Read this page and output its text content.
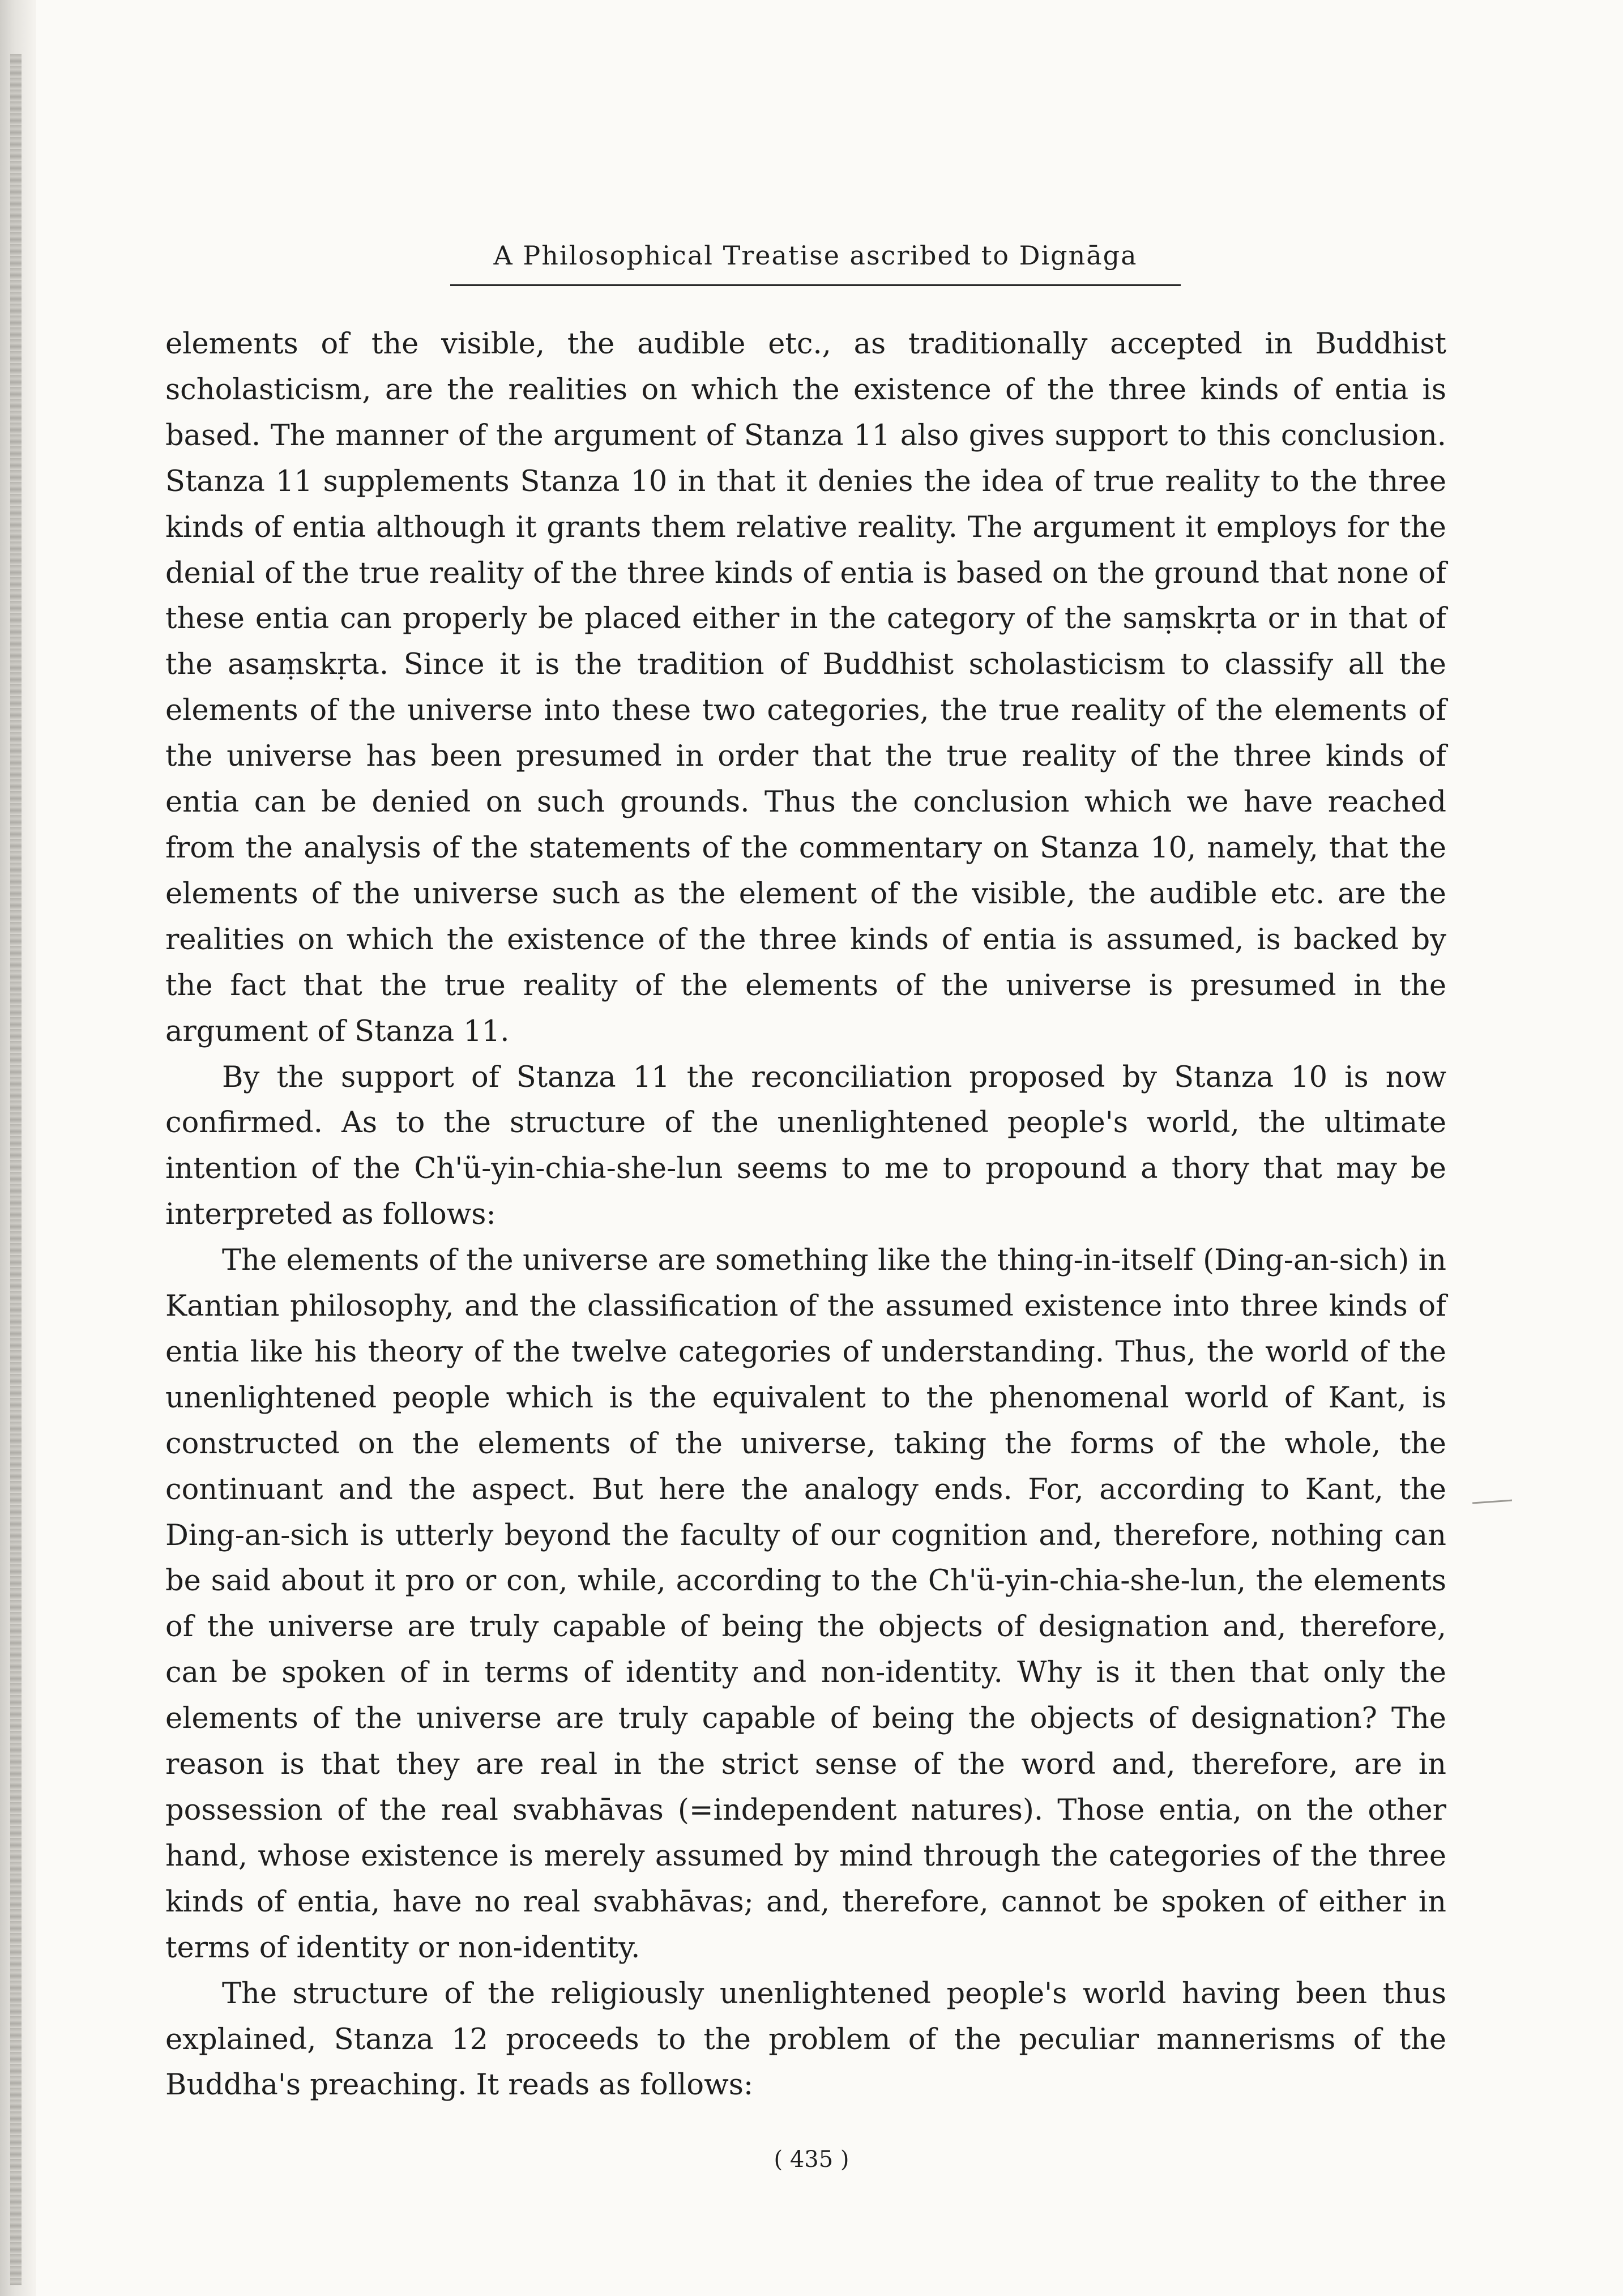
A Philosophical Treatise ascribed to Dignāga

elements of the visible, the audible etc., as traditionally accepted in Buddhist scholasticism, are the realities on which the existence of the three kinds of entia is based. The manner of the argument of Stanza 11 also gives support to this conclusion. Stanza 11 supplements Stanza 10 in that it denies the idea of true reality to the three kinds of entia although it grants them relative reality. The argument it employs for the denial of the true reality of the three kinds of entia is based on the ground that none of these entia can properly be placed either in the category of the saṃskṛta or in that of the asaṃskṛta. Since it is the tradition of Buddhist scholasticism to classify all the elements of the universe into these two categories, the true reality of the elements of the universe has been presumed in order that the true reality of the three kinds of entia can be denied on such grounds. Thus the conclusion which we have reached from the analysis of the statements of the commentary on Stanza 10, namely, that the elements of the universe such as the element of the visible, the audible etc. are the realities on which the existence of the three kinds of entia is assumed, is backed by the fact that the true reality of the elements of the universe is presumed in the argument of Stanza 11.

By the support of Stanza 11 the reconciliation proposed by Stanza 10 is now confirmed. As to the structure of the unenlightened people's world, the ultimate intention of the Ch'ü-yin-chia-she-lun seems to me to propound a thory that may be interpreted as follows:

The elements of the universe are something like the thing-in-itself (Ding-an-sich) in Kantian philosophy, and the classification of the assumed existence into three kinds of entia like his theory of the twelve categories of understanding. Thus, the world of the unenlightened people which is the equivalent to the phenomenal world of Kant, is constructed on the elements of the universe, taking the forms of the whole, the continuant and the aspect. But here the analogy ends. For, according to Kant, the Ding-an-sich is utterly beyond the faculty of our cognition and, therefore, nothing can be said about it pro or con, while, according to the Ch'ü-yin-chia-she-lun, the elements of the universe are truly capable of being the objects of designation and, therefore, can be spoken of in terms of identity and non-identity. Why is it then that only the elements of the universe are truly capable of being the objects of designation? The reason is that they are real in the strict sense of the word and, therefore, are in possession of the real svabhāvas (=independent natures). Those entia, on the other hand, whose existence is merely assumed by mind through the categories of the three kinds of entia, have no real svabhāvas; and, therefore, cannot be spoken of either in terms of identity or non-identity.

The structure of the religiously unenlightened people's world having been thus explained, Stanza 12 proceeds to the problem of the peculiar mannerisms of the Buddha's preaching. It reads as follows:

( 435 )
